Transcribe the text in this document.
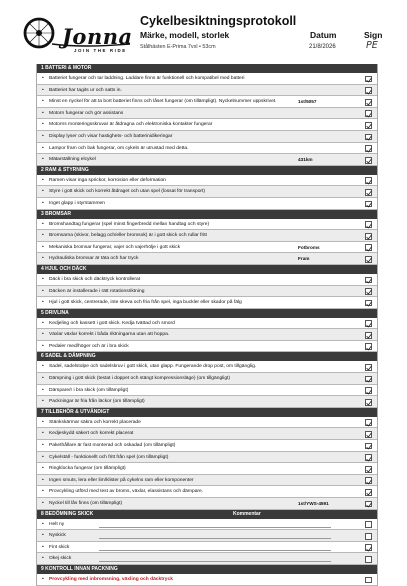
Jonna
JOIN THE RIDE
Cykelbesiktningsprotokoll
Märke, modell, storlek
Stålhästen E-Prima 7vxl • 53cm
Datum
21/8/2026
Sign
PE
1 BATTERI & MOTOR
• Batteriet fungerar och tar laddning. Laddare finns är funktionell och kompatibel med batteri
• Batteriet har tagits ur och satts in.
• Minst en nyckel för att ta bort batteriet finns och låset fungerar (om tillämpligt). Nyckelnummer uppskrivet.	1st/5057
• Motorn fungerar och gör assistans
• Motorns monteringsskruvar är åtdragna och elektroniska kontakter fungerar
• Display lyser och visar hastighets- och batterinidikeringar
• Lampor fram och bak fungerar, om cykeln är utrustad med detta.
• Mätarställning elcykel	431km
2 RAM & STYRNING
• Ramen visar inga sprickor, korrosion eller deformation
• Styre i gott skick och korrekt åtdraget och utan spel (lossat för transport)
• Inget glapp i styrstammen
3 BROMSAR
• Bromshandtag fungerar (spel minst fingerbredd mellan handtag och styre)
• Bromsarna (skivor, belagg och/eller bromsok) är i gott skick och rullar fritt
• Mekaniska bromsar fungerar, vajer och vajerhölje i gott skick	Fotbroms
• Hydrauliska bromsar är täta och har tryck	Fram
4 HJUL OCH DÄCK
• Däck i bra skick och däcktryck kontrollerat
• Däcken är installerade i rätt rotationsriktning
• Hjul i gott skick, centrerade, inte skeva och fria från spel, inga buckler eller skador på fälg
5 DRIVLINA
• Kedjeling och kassett i gott skick. Kedja tvättad och smord
• Växlar växlar korrekt i båda riktningarna utan att hoppa.
• Pedaler med/höger och är i bra skick
6 SADEL & DÄMPNING
• Sadel, sadelstolpe och sadelskruv i gott skick, utan glapp. Fungerande drop post, om tillgänglig.
• Dämpning i gott skick (testat i doppet och stängt kompressionsläge) (om tillgängligt)
• Dämpare/r i bra skick (om tillämpligt)
• Packningar är fria från läckor (om tillämpligt)
7 TILLBEHÖR & UTVÄNDIGT
• Stänkskärmar säkra och korrekt placerade
• Kedjeskydd säkert och korrekt placerat
• Pakethållare är fast monterad och oskadad (om tillämpligt)
• Cykelställ - funktionellt och fritt från spel (om tillämpligt)
• Ringklocka fungerar (om tillämpligt)
• Ingen smuts, lera eller lim/klister på cykelns ram eller komponenter
• Provcykling utförd med test av broms, växlar, elassistans och dämpare.
• Nyckel till lås finns (om tillämpligt)	1st/YWS-4591
8 BEDÖMNING SKICK	Kommentar
• Helt ny
• Nyskick
• Fint skick
• Okej skick
9 KONTROLL INNAN PACKNING
• Provcykling med inbromsning, växling och däcktryck
